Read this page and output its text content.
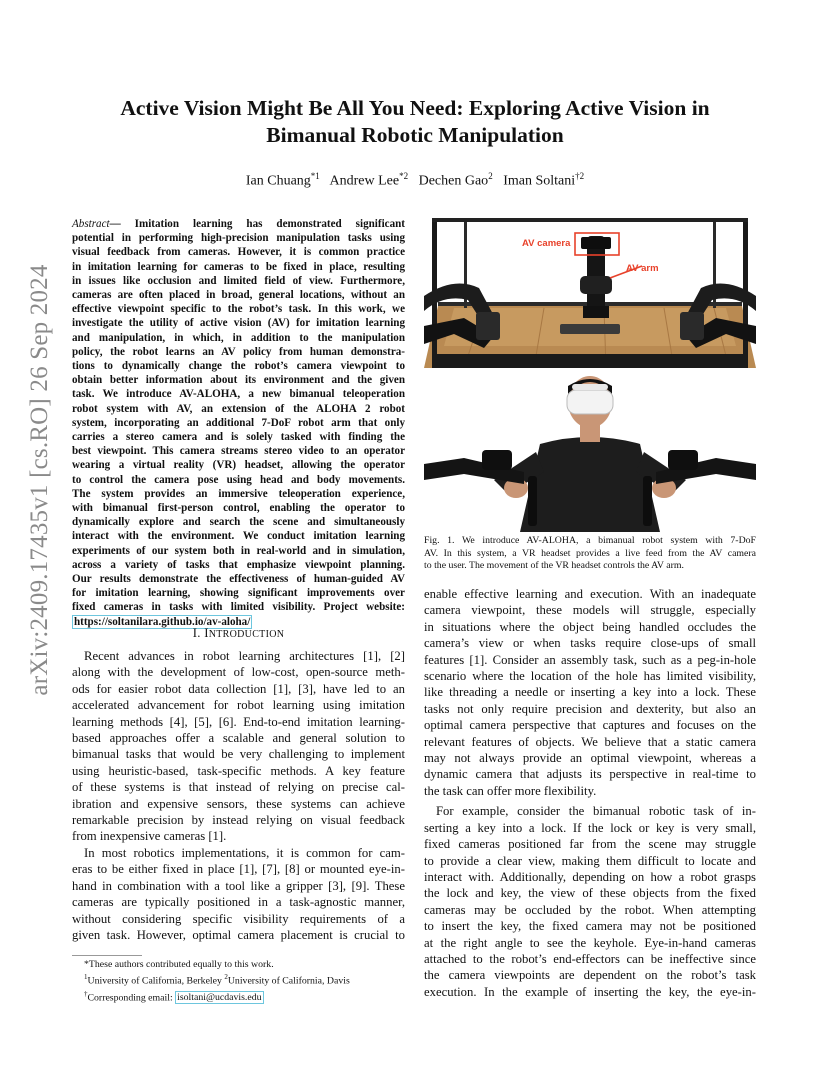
arXiv:2409.17435v1 [cs.RO] 26 Sep 2024
Active Vision Might Be All You Need: Exploring Active Vision in
Bimanual Robotic Manipulation
Ian Chuang$^{*1}$ Andrew Lee$^{*2}$ Dechen Gao$^2$ Iman Soltani$^{\dagger 2}$
Abstract— Imitation learning has demonstrated significant
potential in performing high-precision manipulation tasks using
visual feedback from cameras. However, it is common practice
in imitation learning for cameras to be fixed in place, resulting
in issues like occlusion and limited field of view. Furthermore,
cameras are often placed in broad, general locations, without an
effective viewpoint specific to the robot’s task. In this work, we
investigate the utility of active vision (AV) for imitation learning
and manipulation, in which, in addition to the manipulation
policy, the robot learns an AV policy from human demonstra-
tions to dynamically change the robot’s camera viewpoint to
obtain better information about its environment and the given
task. We introduce AV-ALOHA, a new bimanual teleoperation
robot system with AV, an extension of the ALOHA 2 robot
system, incorporating an additional 7-DoF robot arm that only
carries a stereo camera and is solely tasked with finding the
best viewpoint. This camera streams stereo video to an operator
wearing a virtual reality (VR) headset, allowing the operator
to control the camera pose using head and body movements.
The system provides an immersive teleoperation experience,
with bimanual first-person control, enabling the operator to
dynamically explore and search the scene and simultaneously
interact with the environment. We conduct imitation learning
experiments of our system both in real-world and in simulation,
across a variety of tasks that emphasize viewpoint planning.
Our results demonstrate the effectiveness of human-guided AV
for imitation learning, showing significant improvements over
fixed cameras in tasks with limited visibility. Project website:
https://soltanilara.github.io/av-aloha/
I. INTRODUCTION
Recent advances in robot learning architectures [1], [2]
along with the development of low-cost, open-source meth-
ods for easier robot data collection [1], [3], have led to an
accelerated advancement for robot learning using imitation
learning methods [4], [5], [6]. End-to-end imitation learning-
based approaches offer a scalable and general solution to
bimanual tasks that would be very challenging to implement
using heuristic-based, task-specific methods. A key feature
of these systems is that instead of relying on precise cal-
ibration and expensive sensors, these systems can achieve
remarkable precision by instead relying on visual feedback
from inexpensive cameras [1].
In most robotics implementations, it is common for cam-
eras to be either fixed in place [1], [7], [8] or mounted eye-in-
hand in combination with a tool like a gripper [3], [9]. These
cameras are typically positioned in a task-agnostic manner,
without considering specific visibility requirements of a
given task. However, optimal camera placement is crucial to
*These authors contributed equally to this work.
$^1$University of California, Berkeley $^2$University of California, Davis
†Corresponding email: isoltani@ucdavis.edu
AV camera
AV arm
Fig. 1. We introduce AV-ALOHA, a bimanual robot system with 7-DoF
AV. In this system, a VR headset provides a live feed from the AV camera
to the user. The movement of the VR headset controls the AV arm.
enable effective learning and execution. With an inadequate
camera viewpoint, these models will struggle, especially
in situations where the object being handled occludes the
camera’s view or when tasks require close-ups of small
features [1]. Consider an assembly task, such as a peg-in-hole
scenario where the location of the hole has limited visibility,
like threading a needle or inserting a key into a lock. These
tasks not only require precision and dexterity, but also an
optimal camera perspective that captures and focuses on the
relevant features of objects. We believe that a static camera
may not always provide an optimal viewpoint, whereas a
dynamic camera that adjusts its perspective in real-time to
the task can offer more flexibility.
For example, consider the bimanual robotic task of in-
serting a key into a lock. If the lock or key is very small,
fixed cameras positioned far from the scene may struggle
to provide a clear view, making them difficult to locate and
interact with. Additionally, depending on how a robot grasps
the lock and key, the view of these objects from the fixed
cameras may be occluded by the robot. When attempting
to insert the key, the fixed camera may not be positioned
at the right angle to see the keyhole. Eye-in-hand cameras
attached to the robot’s end-effectors can be ineffective since
the camera viewpoints are dependent on the robot’s task
execution. In the example of inserting the key, the eye-in-
